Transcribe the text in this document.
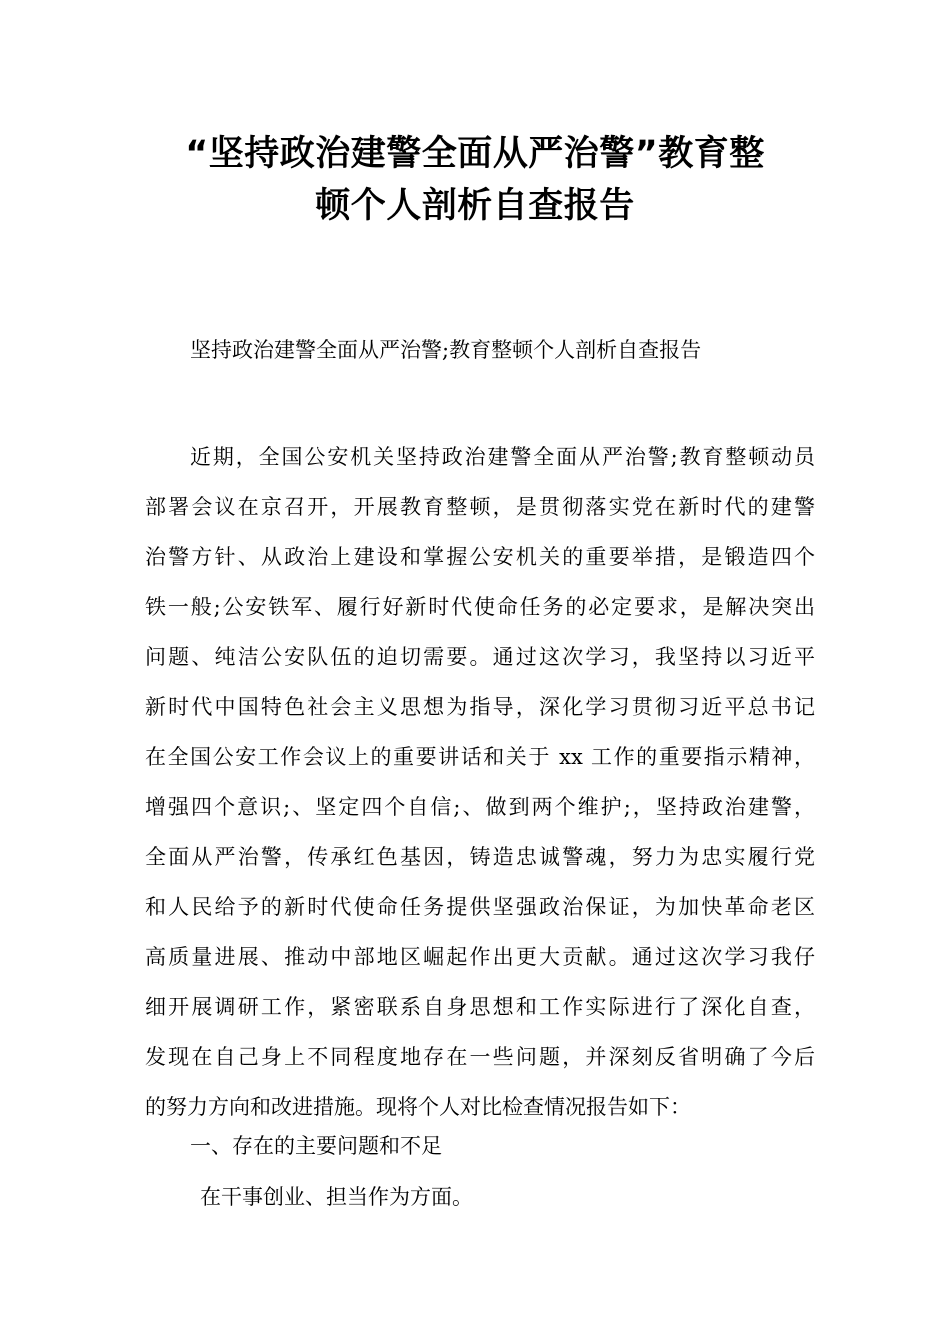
“坚持政治建警全面从严治警”教育整
顿个人剖析自查报告

坚持政治建警全面从严治警;教育整顿个人剖析自查报告

近期，全国公安机关坚持政治建警全面从严治警;教育整顿动员
部署会议在京召开，开展教育整顿，是贯彻落实党在新时代的建警
治警方针、从政治上建设和掌握公安机关的重要举措，是锻造四个
铁一般;公安铁军、履行好新时代使命任务的必定要求，是解决突出
问题、纯洁公安队伍的迫切需要。通过这次学习，我坚持以习近平
新时代中国特色社会主义思想为指导，深化学习贯彻习近平总书记
在全国公安工作会议上的重要讲话和关于 xx 工作的重要指示精神，
增强四个意识;、坚定四个自信;、做到两个维护;，坚持政治建警，
全面从严治警，传承红色基因，铸造忠诚警魂，努力为忠实履行党
和人民给予的新时代使命任务提供坚强政治保证，为加快革命老区
高质量进展、推动中部地区崛起作出更大贡献。通过这次学习我仔
细开展调研工作，紧密联系自身思想和工作实际进行了深化自查，
发现在自己身上不同程度地存在一些问题，并深刻反省明确了今后
的努力方向和改进措施。现将个人对比检查情况报告如下：

一、存在的主要问题和不足

在干事创业、担当作为方面。
